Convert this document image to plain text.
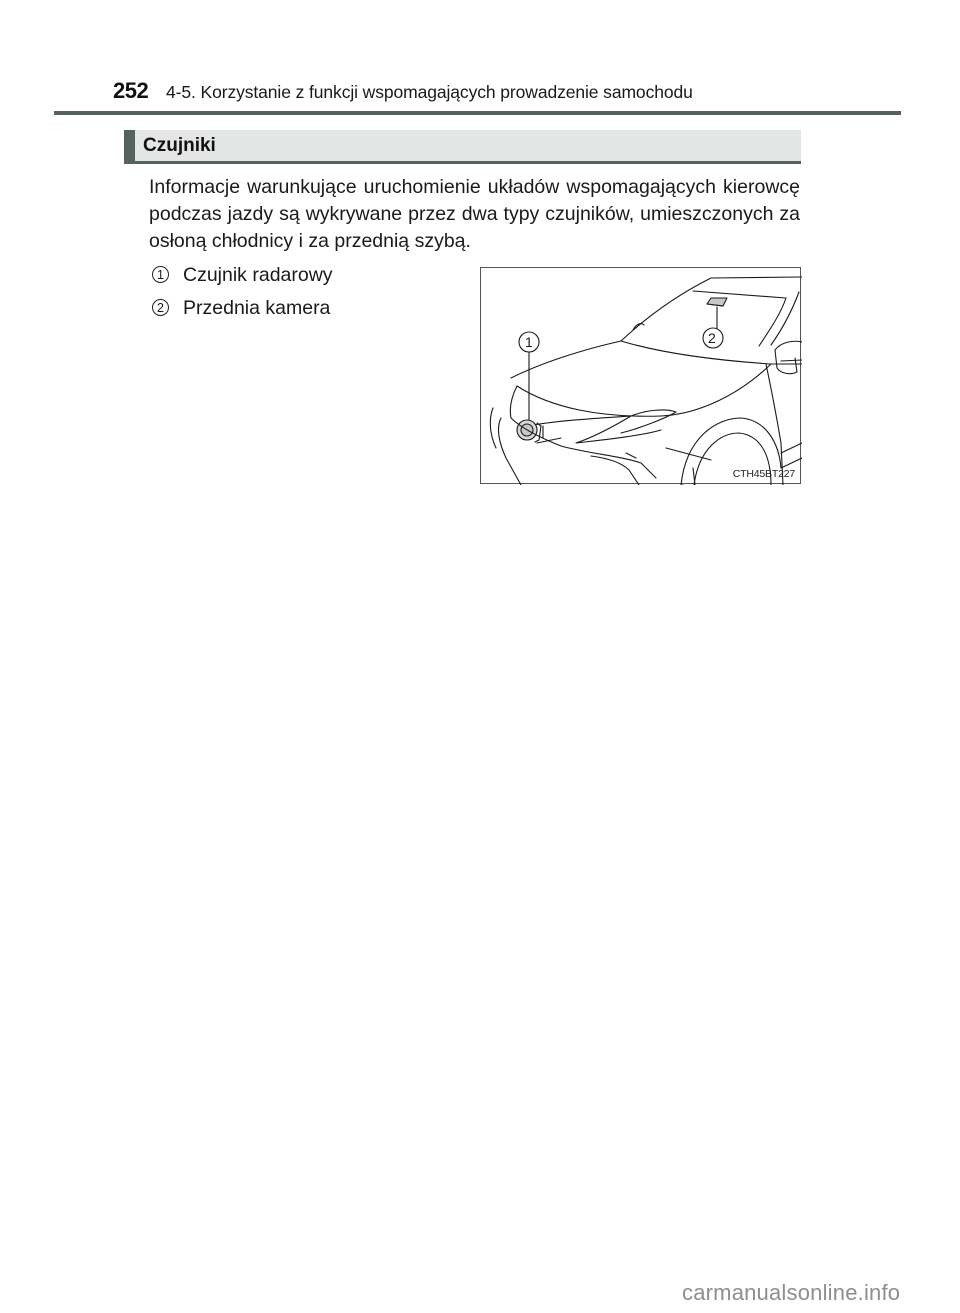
252 4-5. Korzystanie z funkcji wspomagających prowadzenie samochodu
Czujniki
Informacje warunkujące uruchomienie układów wspomagających kierowcę podczas jazdy są wykrywane przez dwa typy czujników, umieszczonych za osłoną chłodnicy i za przednią szybą.
1 Czujnik radarowy
2 Przednia kamera
1	2
CTH45BT227
carmanualsonline.info
